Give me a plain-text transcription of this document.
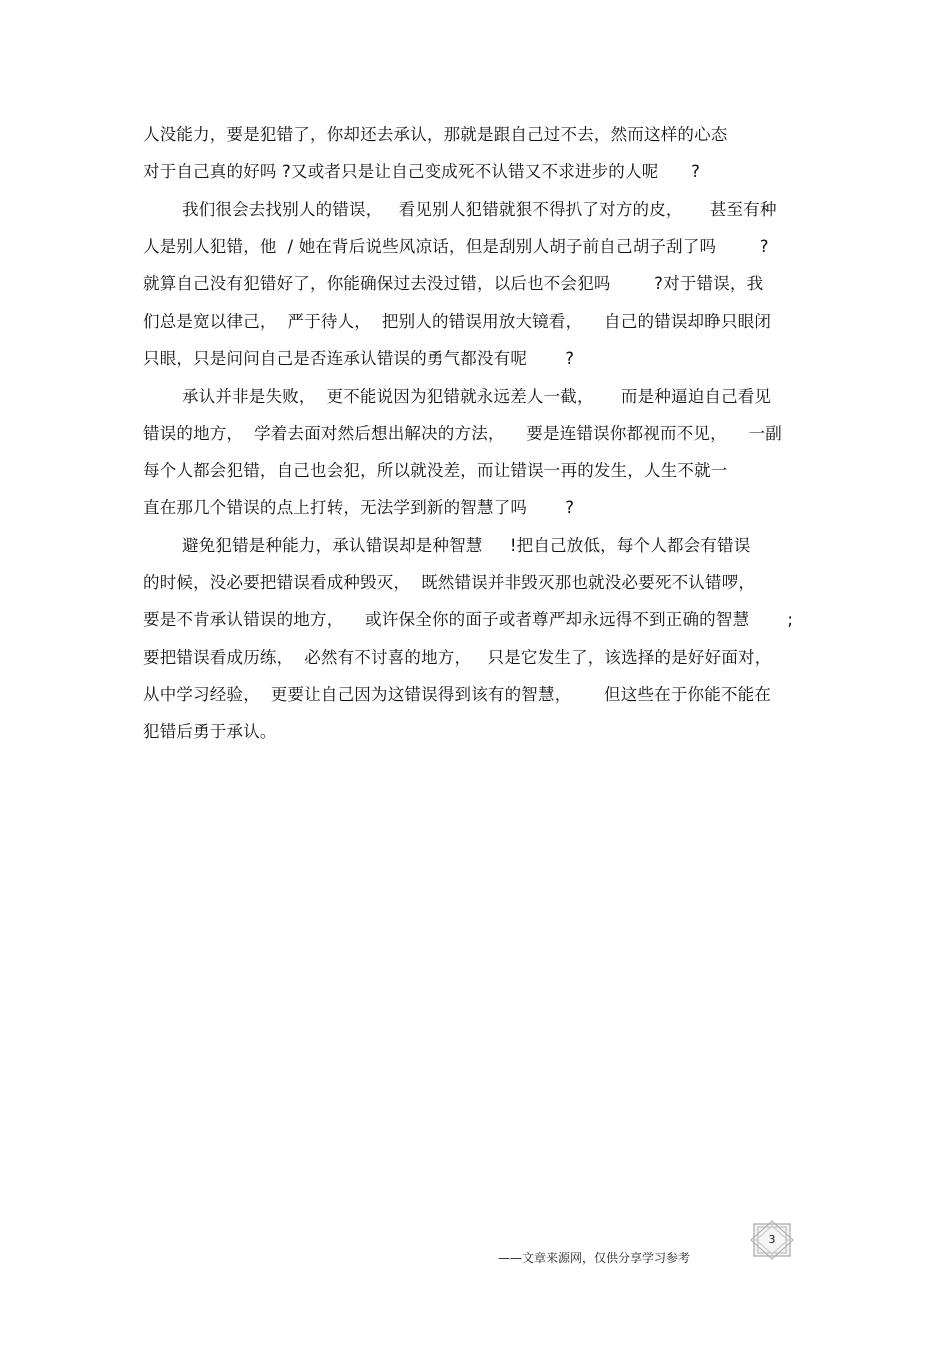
人没能力，要是犯错了，你却还去承认，那就是跟自己过不去，然而这样的心态
对于自己真的好吗 ?又或者只是让自己变成死不认错又不求进步的人呢      ?
我们很会去找别人的错误，   看见别人犯错就狠不得扒了对方的皮，     甚至有种
人是别人犯错，他  / 她在背后说些风凉话，但是刮别人胡子前自己胡子刮了吗        ?
就算自己没有犯错好了，你能确保过去没过错，以后也不会犯吗        ?对于错误，我
们总是宽以律己，  严于待人，  把别人的错误用放大镜看，    自己的错误却睁只眼闭
只眼，只是问问自己是否连承认错误的勇气都没有呢       ?
承认并非是失败，  更不能说因为犯错就永远差人一截，     而是种逼迫自己看见
错误的地方，  学着去面对然后想出解决的方法，    要是连错误你都视而不见，    一副
每个人都会犯错，自己也会犯，所以就没差，而让错误一再的发生，人生不就一
直在那几个错误的点上打转，无法学到新的智慧了吗       ?
避免犯错是种能力，承认错误却是种智慧     !把自己放低，每个人都会有错误
的时候，没必要把错误看成种毁灭，  既然错误并非毁灭那也就没必要死不认错啰，
要是不肯承认错误的地方，    或许保全你的面子或者尊严却永远得不到正确的智慧       ;
要把错误看成历练，  必然有不讨喜的地方，   只是它发生了，该选择的是好好面对，
从中学习经验，  更要让自己因为这错误得到该有的智慧，      但这些在于你能不能在
犯错后勇于承认。
——文章来源网，仅供分享学习参考
3
